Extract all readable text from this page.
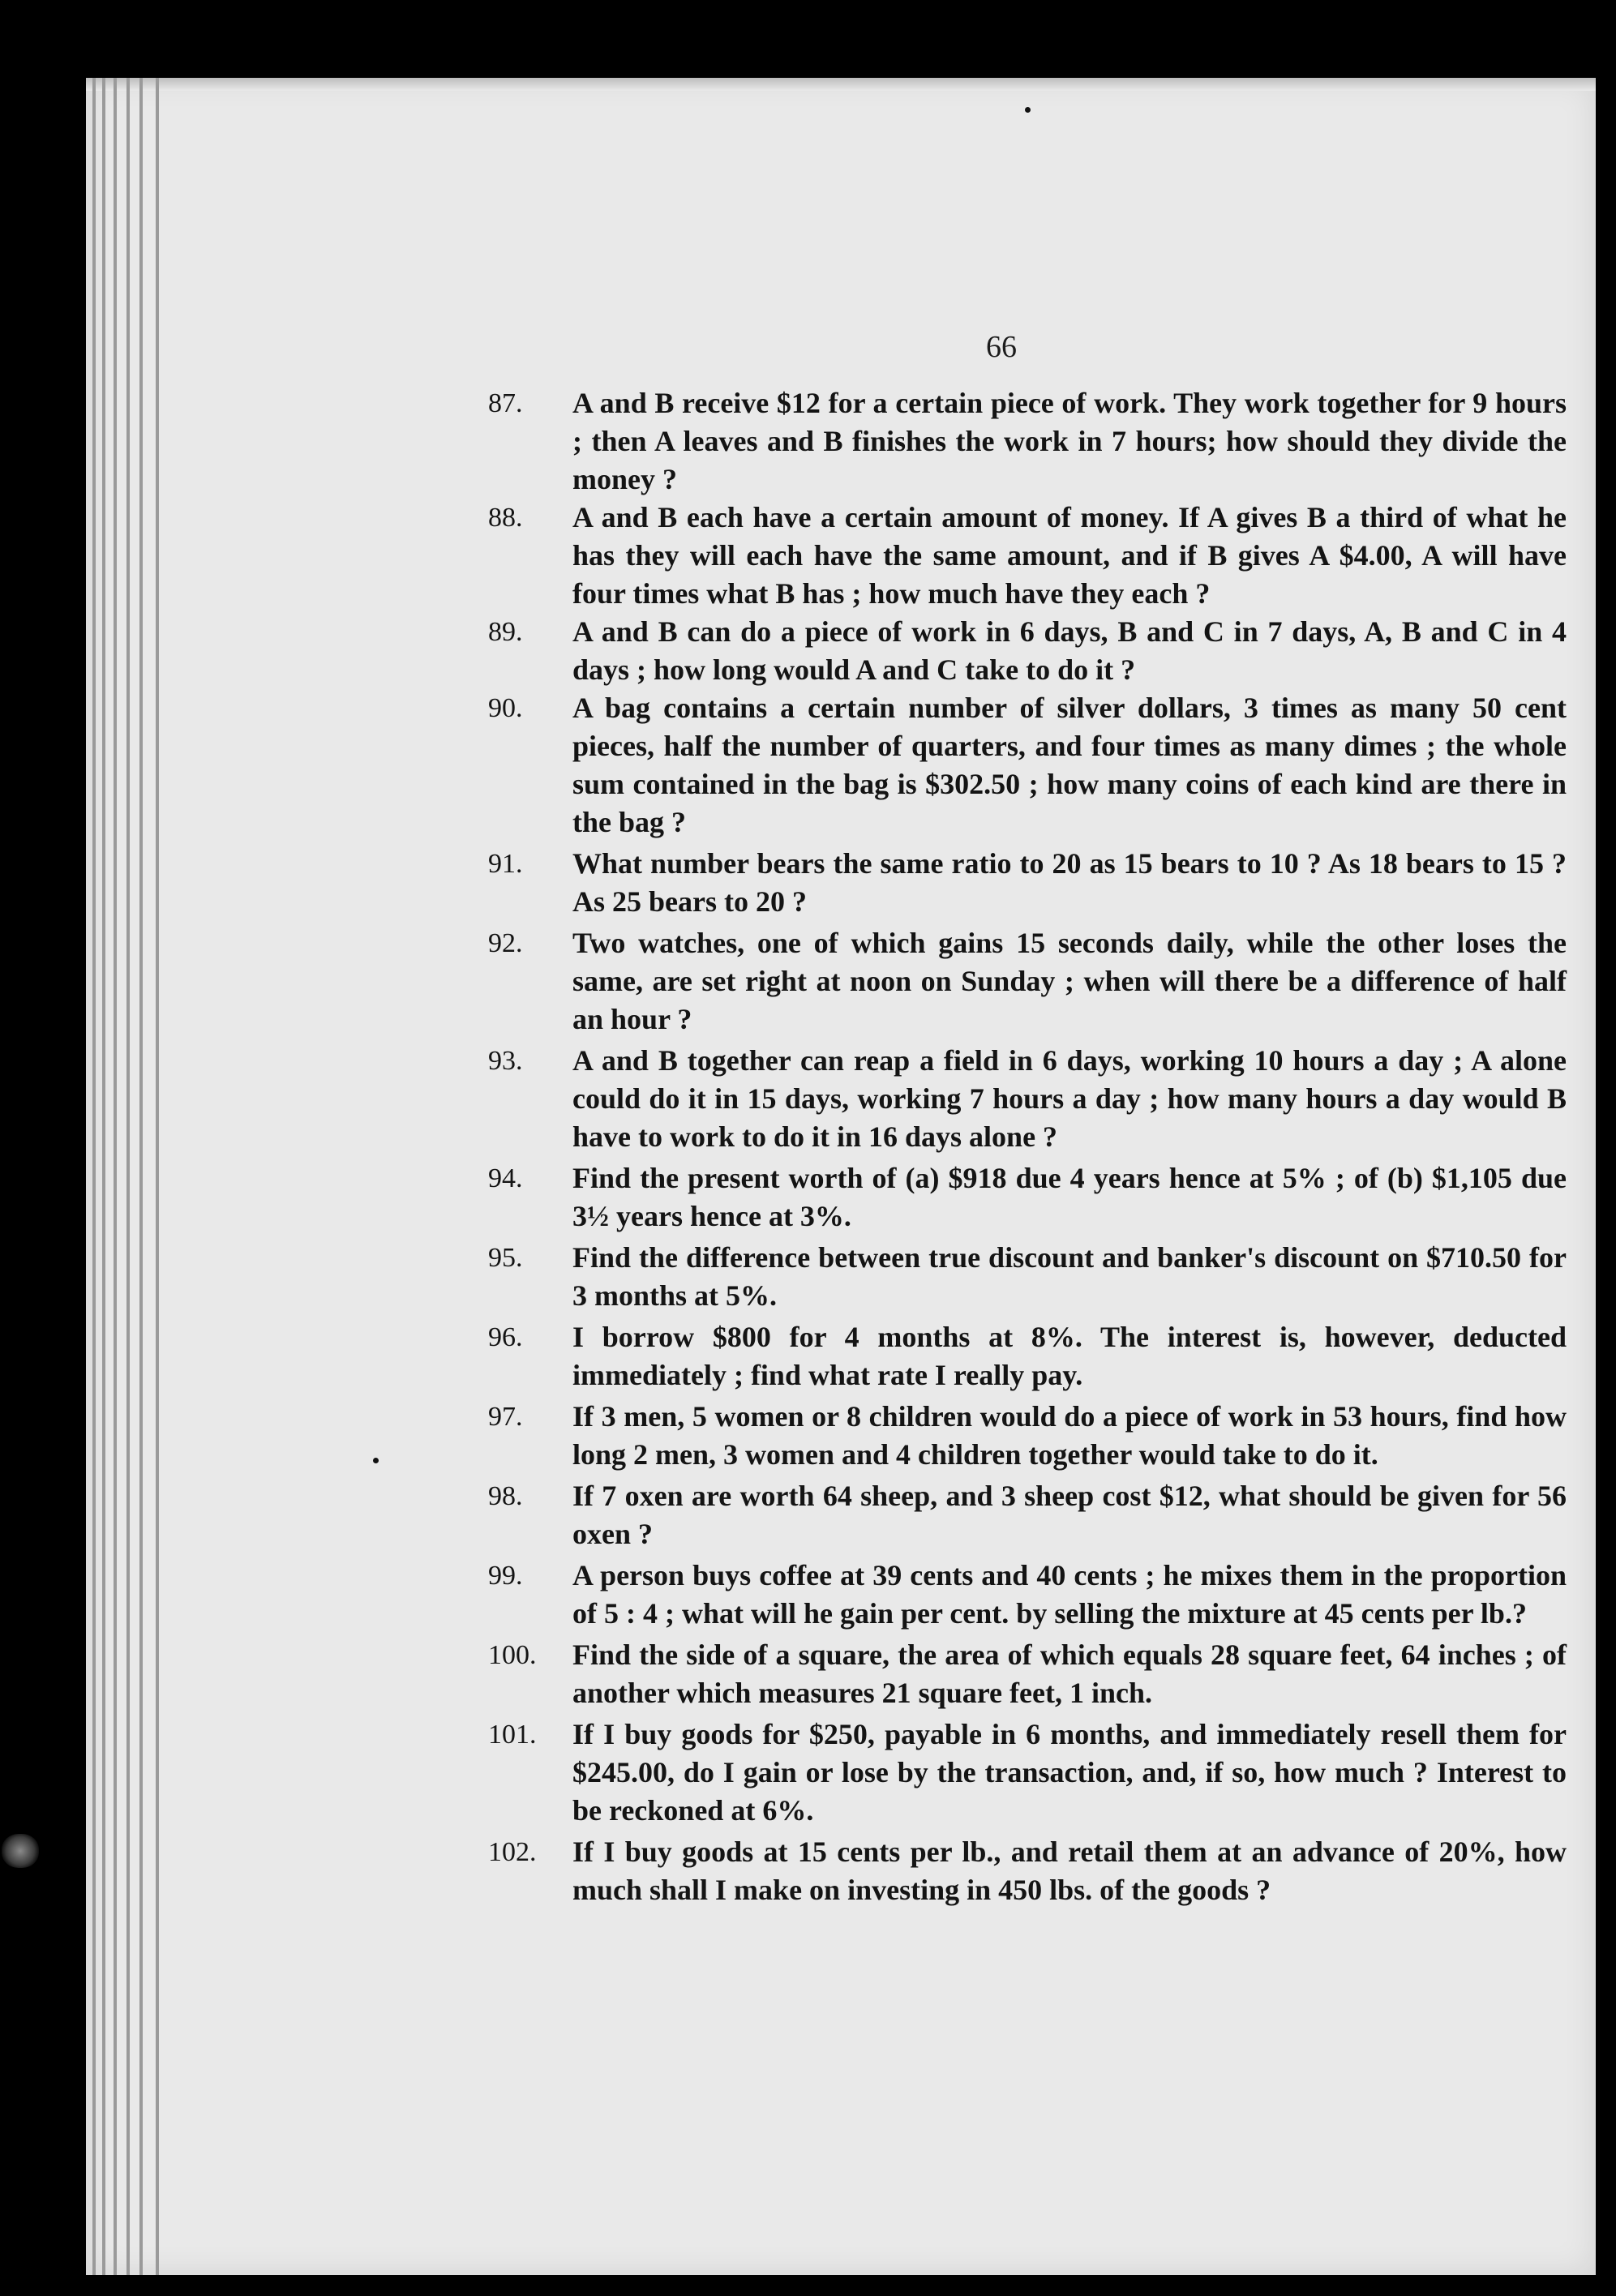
66
87.	A and B receive $12 for a certain piece of work. They work together for 9 hours ; then A leaves and B finishes the work in 7 hours; how should they divide the money ?
88.	A and B each have a certain amount of money. If A gives B a third of what he has they will each have the same amount, and if B gives A $4.00, A will have four times what B has ; how much have they each ?
89.	A and B can do a piece of work in 6 days, B and C in 7 days, A, B and C in 4 days ; how long would A and C take to do it ?
90.	A bag contains a certain number of silver dollars, 3 times as many 50 cent pieces, half the number of quarters, and four times as many dimes ; the whole sum contained in the bag is $302.50 ; how many coins of each kind are there in the bag ?
91.	What number bears the same ratio to 20 as 15 bears to 10 ? As 18 bears to 15 ? As 25 bears to 20 ?
92.	Two watches, one of which gains 15 seconds daily, while the other loses the same, are set right at noon on Sunday ; when will there be a difference of half an hour ?
93.	A and B together can reap a field in 6 days, working 10 hours a day ; A alone could do it in 15 days, working 7 hours a day ; how many hours a day would B have to work to do it in 16 days alone ?
94.	Find the present worth of (a) $918 due 4 years hence at 5% ; of (b) $1,105 due 3½ years hence at 3%.
95.	Find the difference between true discount and banker's discount on $710.50 for 3 months at 5%.
96.	I borrow $800 for 4 months at 8%. The interest is, however, deducted immediately ; find what rate I really pay.
97.	If 3 men, 5 women or 8 children would do a piece of work in 53 hours, find how long 2 men, 3 women and 4 children together would take to do it.
98.	If 7 oxen are worth 64 sheep, and 3 sheep cost $12, what should be given for 56 oxen ?
99.	A person buys coffee at 39 cents and 40 cents ; he mixes them in the proportion of 5 : 4 ; what will he gain per cent. by selling the mixture at 45 cents per lb.?
100.	Find the side of a square, the area of which equals 28 square feet, 64 inches ; of another which measures 21 square feet, 1 inch.
101.	If I buy goods for $250, payable in 6 months, and immediately resell them for $245.00, do I gain or lose by the transaction, and, if so, how much ? Interest to be reckoned at 6%.
102.	If I buy goods at 15 cents per lb., and retail them at an advance of 20%, how much shall I make on investing in 450 lbs. of the goods ?
